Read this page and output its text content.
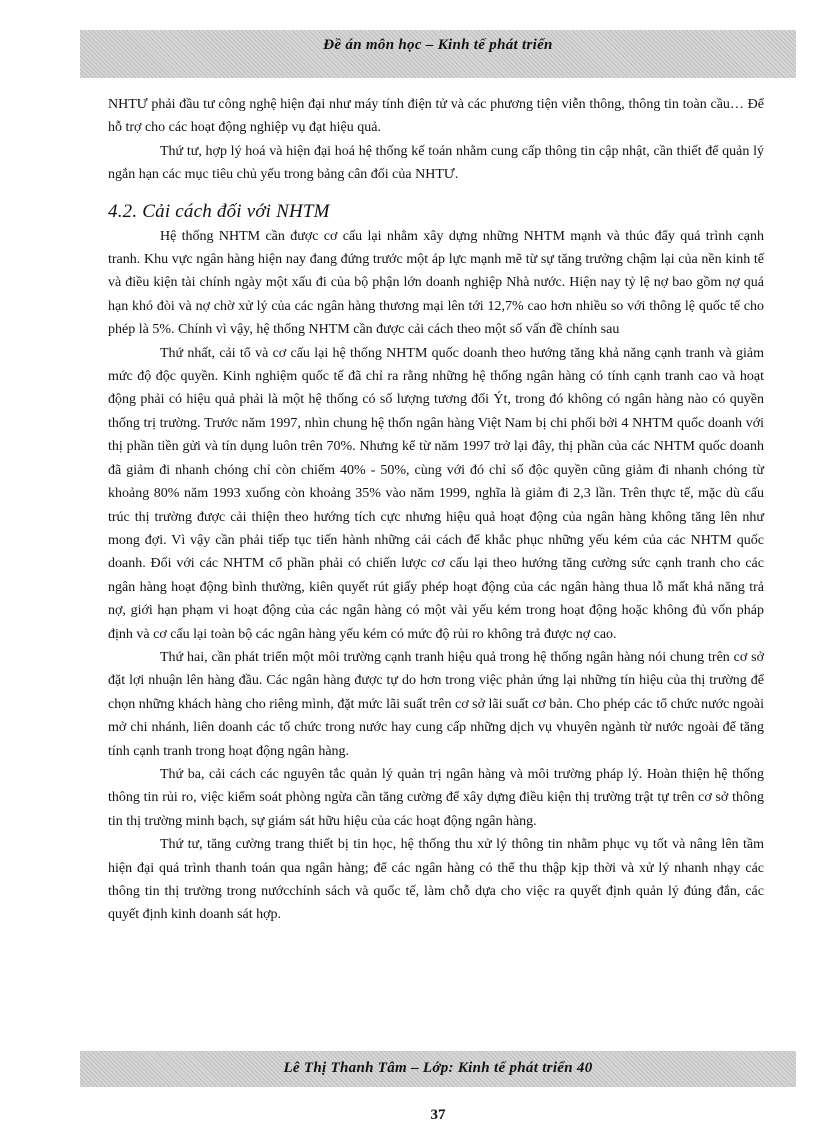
Đề án môn học – Kinh tế phát triển

NHTƯ phải đầu tư công nghệ hiện đại như máy tính điện tử và các phương tiện viễn thông, thông tin toàn cầu… Để hỗ trợ cho các hoạt động nghiệp vụ đạt hiệu quả.

Thứ tư, hợp lý hoá và hiện đại hoá hệ thống kế toán nhằm cung cấp thông tin cập nhật, cần thiết để quản lý ngắn hạn các mục tiêu chủ yếu trong bảng cân đối của NHTƯ.

4.2. Cải cách đối với NHTM

Hệ thống NHTM cần được cơ cấu lại nhằm xây dựng những NHTM mạnh và thúc đẩy quá trình cạnh tranh. Khu vực ngân hàng hiện nay đang đứng trước một áp lực mạnh mẽ từ sự tăng trưởng chậm lại của nền kinh tế và điều kiện tài chính ngày một xấu đi của bộ phận lớn doanh nghiệp Nhà nước. Hiện nay tỷ lệ nợ bao gồm nợ quá hạn khó đòi và nợ chờ xử lý của các ngân hàng thương mại lên tới 12,7% cao hơn nhiều so với thông lệ quốc tế cho phép là 5%. Chính vì vậy, hệ thống NHTM cần được cải cách theo một số vấn đề chính sau

Thứ nhất, cải tổ và cơ cấu lại hệ thống NHTM quốc doanh theo hướng tăng khả năng cạnh tranh và giảm mức độ độc quyền. Kinh nghiệm quốc tế đã chỉ ra rằng những hệ thống ngân hàng có tính cạnh tranh cao và hoạt động phải có hiệu quả phải là một hệ thống có số lượng tương đối Ýt, trong đó không có ngân hàng nào có quyền thống trị trường. Trước năm 1997, nhìn chung hệ thốn ngân hàng Việt Nam bị chi phối bởi 4 NHTM quốc doanh với thị phần tiền gửi và tín dụng luôn trên 70%. Nhưng kể từ năm 1997 trở lại đây, thị phần của các NHTM quốc doanh đã giảm đi nhanh chóng chỉ còn chiếm 40% - 50%, cùng với đó chỉ số độc quyền cũng giảm đi nhanh chóng từ khoảng 80% năm 1993 xuống còn khoảng 35% vào năm 1999, nghĩa là giảm đi 2,3 lần. Trên thực tế, mặc dù cấu trúc thị trường được cải thiện theo hướng tích cực nhưng hiệu quả hoạt động của ngân hàng không tăng lên như mong đợi. Vì vậy cần phải tiếp tục tiến hành những cải cách để khắc phục những yếu kém của các NHTM quốc doanh. Đối với các NHTM cổ phần phải có chiến lược cơ cấu lại theo hướng tăng cường sức cạnh tranh cho các ngân hàng hoạt động bình thường, kiên quyết rút giấy phép hoạt động của các ngân hàng thua lỗ mất khả năng trả nợ, giới hạn phạm vi hoạt động của các ngân hàng có một vài yếu kém trong hoạt động hoặc không đủ vốn pháp định và cơ cấu lại toàn bộ các ngân hàng yếu kém có mức độ rủi ro không trả được nợ cao.

Thứ hai, cần phát triển một môi trường cạnh tranh hiệu quả trong hệ thống ngân hàng nói chung trên cơ sở đặt lợi nhuận lên hàng đầu. Các ngân hàng được tự do hơn trong việc phản ứng lại những tín hiệu của thị trường để chọn những khách hàng cho riêng mình, đặt mức lãi suất trên cơ sở lãi suất cơ bản. Cho phép các tổ chức nước ngoài mở chi nhánh, liên doanh các tổ chức trong nước hay cung cấp những dịch vụ vhuyên ngành từ nước ngoài để tăng tính cạnh tranh trong hoạt động ngân hàng.

Thứ ba, cải cách các nguyên tắc quản lý quản trị ngân hàng và môi trường pháp lý. Hoàn thiện hệ thống thông tin rủi ro, việc kiểm soát phòng ngừa cần tăng cường để xây dựng điều kiện thị trường trật tự trên cơ sở thông tin thị trường minh bạch, sự giám sát hữu hiệu của các hoạt động ngân hàng.

Thứ tư, tăng cường trang thiết bị tin học, hệ thống thu xử lý thông tin nhằm phục vụ tốt và nâng lên tầm hiện đại quá trình thanh toán qua ngân hàng; để các ngân hàng có thể thu thập kịp thời và xử lý nhanh nhạy các thông tin thị trường trong nướcchính sách và quốc tế, làm chỗ dựa cho việc ra quyết định quản lý đúng đắn, các quyết định kinh doanh sát hợp.

Lê Thị Thanh Tâm – Lớp: Kinh tế phát triển 40
37
